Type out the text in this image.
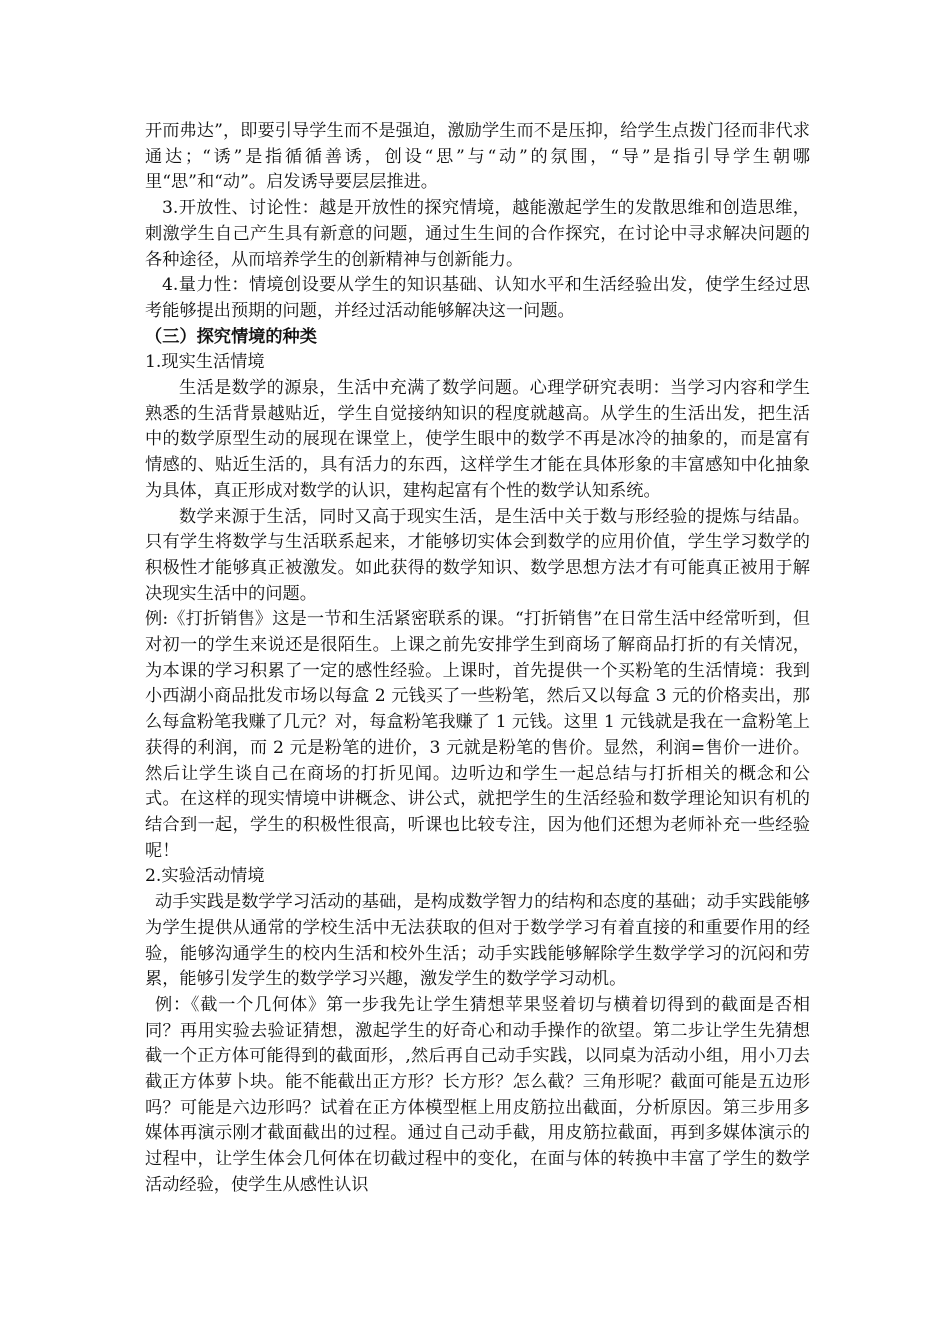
开而弗达”，即要引导学生而不是强迫，激励学生而不是压抑，给学生点拨门径而非代求通达；“诱”是指循循善诱，创设“思”与“动”的氛围，“导”是指引导学生朝哪里“思”和“动”。启发诱导要层层推进。

3.开放性、讨论性：越是开放性的探究情境，越能激起学生的发散思维和创造思维，刺激学生自己产生具有新意的问题，通过生生间的合作探究，在讨论中寻求解决问题的各种途径，从而培养学生的创新精神与创新能力。

4.量力性：情境创设要从学生的知识基础、认知水平和生活经验出发，使学生经过思考能够提出预期的问题，并经过活动能够解决这一问题。

（三）探究情境的种类

1.现实生活情境

生活是数学的源泉，生活中充满了数学问题。心理学研究表明：当学习内容和学生熟悉的生活背景越贴近，学生自觉接纳知识的程度就越高。从学生的生活出发，把生活中的数学原型生动的展现在课堂上，使学生眼中的数学不再是冰冷的抽象的，而是富有情感的、贴近生活的，具有活力的东西，这样学生才能在具体形象的丰富感知中化抽象为具体，真正形成对数学的认识，建构起富有个性的数学认知系统。

数学来源于生活，同时又高于现实生活，是生活中关于数与形经验的提炼与结晶。只有学生将数学与生活联系起来，才能够切实体会到数学的应用价值，学生学习数学的积极性才能够真正被激发。如此获得的数学知识、数学思想方法才有可能真正被用于解决现实生活中的问题。

例:《打折销售》这是一节和生活紧密联系的课。“打折销售”在日常生活中经常听到，但对初一的学生来说还是很陌生。上课之前先安排学生到商场了解商品打折的有关情况，为本课的学习积累了一定的感性经验。上课时，首先提供一个买粉笔的生活情境：我到小西湖小商品批发市场以每盒 2 元钱买了一些粉笔，然后又以每盒 3 元的价格卖出，那么每盒粉笔我赚了几元？对，每盒粉笔我赚了 1 元钱。这里 1 元钱就是我在一盒粉笔上获得的利润，而 2 元是粉笔的进价，3 元就是粉笔的售价。显然，利润=售价一进价。然后让学生谈自己在商场的打折见闻。边听边和学生一起总结与打折相关的概念和公式。在这样的现实情境中讲概念、讲公式，就把学生的生活经验和数学理论知识有机的结合到一起，学生的积极性很高，听课也比较专注，因为他们还想为老师补充一些经验呢！

2.实验活动情境

动手实践是数学学习活动的基础，是构成数学智力的结构和态度的基础；动手实践能够为学生提供从通常的学校生活中无法获取的但对于数学学习有着直接的和重要作用的经验，能够沟通学生的校内生活和校外生活；动手实践能够解除学生数学学习的沉闷和劳累，能够引发学生的数学学习兴趣，激发学生的数学学习动机。

例：《截一个几何体》第一步我先让学生猜想苹果竖着切与横着切得到的截面是否相同？再用实验去验证猜想，激起学生的好奇心和动手操作的欲望。第二步让学生先猜想截一个正方体可能得到的截面形，,然后再自己动手实践，以同桌为活动小组，用小刀去截正方体萝卜块。能不能截出正方形？长方形？怎么截？三角形呢？截面可能是五边形吗？可能是六边形吗？试着在正方体模型框上用皮筋拉出截面，分析原因。第三步用多媒体再演示刚才截面截出的过程。通过自己动手截，用皮筋拉截面，再到多媒体演示的过程中，让学生体会几何体在切截过程中的变化，在面与体的转换中丰富了学生的数学活动经验，使学生从感性认识
